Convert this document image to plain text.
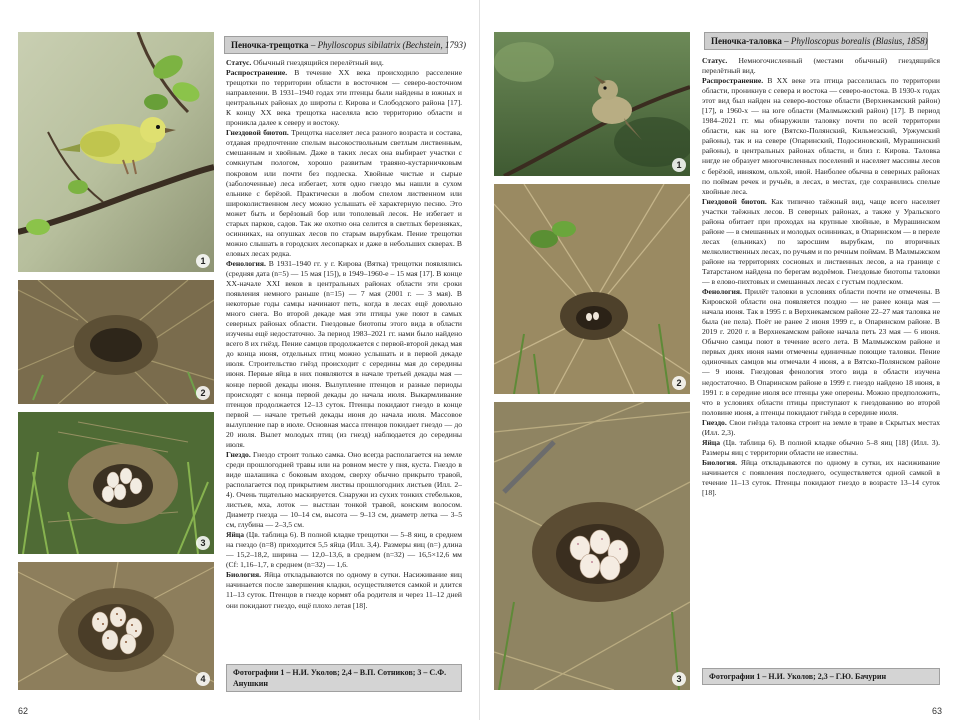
1
2
3
4
Пеночка-трещотка – Phylloscopus sibilatrix (Bechstein, 1793)

Статус. Обычный гнездящийся перелётный вид.

Распространение. В течение XX века происходило расселение трещотки по территории области в восточном — северо-восточном направлении. В 1931–1940 годах эти птенцы были найдены в южных и центральных районах до широты г. Кирова и Слободского района [17]. К концу XX века трещотка населяла всю территорию области и проникла далее к северу и востоку.

Гнездовой биотоп. Трещотка населяет леса разного возраста и состава, отдавая предпочтение спелым высокоствольным светлым лиственным, смешанным и хвойным. Даже в таких лесах она выбирает участки с сомкнутым пологом, хорошо развитым травяно-кустарничковым покровом или почти без подлеска. Хвойные чистые и сырые (заболоченные) леса избегает, хотя одно гнездо мы нашли в сухом ельнике с берёзой. Практически в любом спелом лиственном или широколиственном лесу можно услышать её характерную песню. Это может быть и берёзовый бор или тополевый лесок. Не избегает и старых парков, садов. Так же охотно она селится в светлых березняках, осинниках, на опушках лесов по старым вырубкам. Пение трещотки можно слышать в городских лесопарках и даже в небольших скверах. В еловых лесах редка.

Фенология. В 1931–1940 гг. у г. Кирова (Вятка) трещотки появлялись (средняя дата (n=5) — 15 мая [15]), в 1949–1960-е – 15 мая [17]. В конце XX-начале XXI веков в центральных районах области эти сроки появления немного раньше (n=15) — 7 мая (2001 г. — 3 мая). В некоторые годы самцы начинают петь, когда в лесах ещё довольно много снега. Во второй декаде мая эти птицы уже поют в самых северных районах области. Гнездовые биотопы этого вида в области изучены ещё недостаточно. За период 1983–2021 гг. нами было найдено всего 8 их гнёзд. Пение самцов продолжается с первой-второй декад мая до конца июня, отдельных птиц можно услышать и в первой декаде июля. Строительство гнёзд происходит с середины мая до середины июня. Первые яйца в них появляются в начале третьей декады мая — конце первой декады июня. Вылупление птенцов и разные периоды происходят с конца первой декады до начала июля. Выкармливание птенцов продолжается 12–13 суток. Птенцы покидают гнездо в конце первой — начале третьей декады июня до начала июля. Массовое вылупление пар в июле. Основная масса птенцов покидает гнездо — до 20 июля. Вылет молодых птиц (из гнезд) наблюдается до середины июля.

Гнездо. Гнездо строит только самка. Оно всегда располагается на земле среди прошлогодней травы или на ровном месте у пня, куста. Гнездо в виде шалашика с боковым входом, сверху обычно прикрыто травой, располагается под прикрытием листвы прошлогодних листьев (Илл. 2–4). Очень тщательно маскируется. Снаружи из сухих тонких стебельков, листьев, мха, лоток — выстлан тонкой травой, конским волосом. Диаметр гнезда — 10–14 см, высота — 9–13 см, диаметр летка — 3–5 см, глубина — 2–3,5 см.

Яйца (Цв. таблица 6). В полной кладке трещотки — 5–8 яиц, в среднем на гнездо (n=8) приходится 5,5 яйца (Илл. 3,4). Размеры яиц (n=) длина — 15,2–18,2, ширина — 12,0–13,6, в среднем (n=32) — 16,5×12,6 мм (Cf: 1,16–1,7, в среднем (n=32) — 1,6.

Биология. Яйца откладываются по одному в сутки. Насиживание яиц начинается после завершения кладки, осуществляется самкой и длится 11–13 суток. Птенцов в гнезде кормят оба родителя и через 11–12 дней они покидают гнездо, ещё плохо летая [18].

Фотографии 1 – Н.И. Уколов; 2,4 – В.П. Сотников; 3 – С.Ф. Анушкин
62
Пеночка-таловка – Phylloscopus borealis (Blasius, 1858)
1
2
3

Статус. Немногочисленный (местами обычный) гнездящийся перелётный вид.

Распространение. В XX веке эта птица расселилась по территории области, проникнув с севера и востока — северо-востока. В 1930-х годах этот вид был найден на северо-востоке области (Верхнекамский район) [17], в 1960-х — на юге области (Малмыжский район) [17]. В период 1984–2021 гг. мы обнаружили таловку почти по всей территории области, как на юге (Вятско-Полянский, Кильмезский, Уржумский районы), так и на севере (Опаринский, Подосиновский, Мурашинский районы), в центральных районах области, и близ г. Кирова. Таловка нигде не образует многочисленных поселений и населяет массивы лесов с берёзой, ивняком, ольхой, ивой. Наиболее обычна в северных районах по поймам речек и ручьёв, в лесах, в местах, где сохранились спелые хвойные леса.

Гнездовой биотоп. Как типично таёжный вид, чаще всего населяет участки таёжных лесов. В северных районах, а также у Уральского района обитает при проходах на крупные хвойные, в Мурашинском районе — в смешанных и молодых осинниках, в Опаринском — в переле лесах (ельниках) по заросшим вырубкам, по вторичных мелколиственных лесах, по ручьям и по речным поймам. В Малмыжском районе на территориях сосновых и лиственных лесов, а на границе с Татарстаном найдена по берегам водоёмов. Гнездовые биотопы таловки — в елово-пихтовых и смешанных лесах с густым подлеском.

Фенология. Прилёт таловки в условиях области почти не отмечены. В Кировской области она появляется поздно — не ранее конца мая — начала июня. Так в 1995 г. в Верхнекамском районе 22–27 мая таловка не была (не пела). Поёт не ранее 2 июня 1999 г., в Опаринском районе. В 2019 г. 2020 г. в Верхнекамском районе начала петь 23 мая — 6 июня. Обычно самцы поют в течение всего лета. В Малмыжском районе и первых днях июня нами отмечены единичные поющие таловки. Пение одиночных самцов мы отмечали 4 июня, а в Вятско-Полянском районе — 9 июня. Гнездовая фенология этого вида в области изучена недостаточно. В Опаринском районе в 1999 г. гнездо найдено 18 июня, в 1991 г. в середине июля все птенцы уже оперены. Можно предположить, что в условиях области птицы приступают к гнездованию во второй половине июня, а птенцы покидают гнёзда в середине июля.

Гнездо. Свои гнёзда таловка строит на земле в траве в Скрытых местах (Илл. 2,3).

Яйца (Цв. таблица 6). В полной кладке обычно 5–8 яиц [18] (Илл. 3). Размеры яиц с территории области не известны.

Биология. Яйца откладываются по одному в сутки, их насиживание начинается с появления последнего, осуществляется одной самкой в течение 11–13 суток. Птенцы покидают гнездо в возрасте 13–14 суток [18].

Фотографии 1 – Н.И. Уколов; 2,3 – Г.Ю. Бачурин
63
